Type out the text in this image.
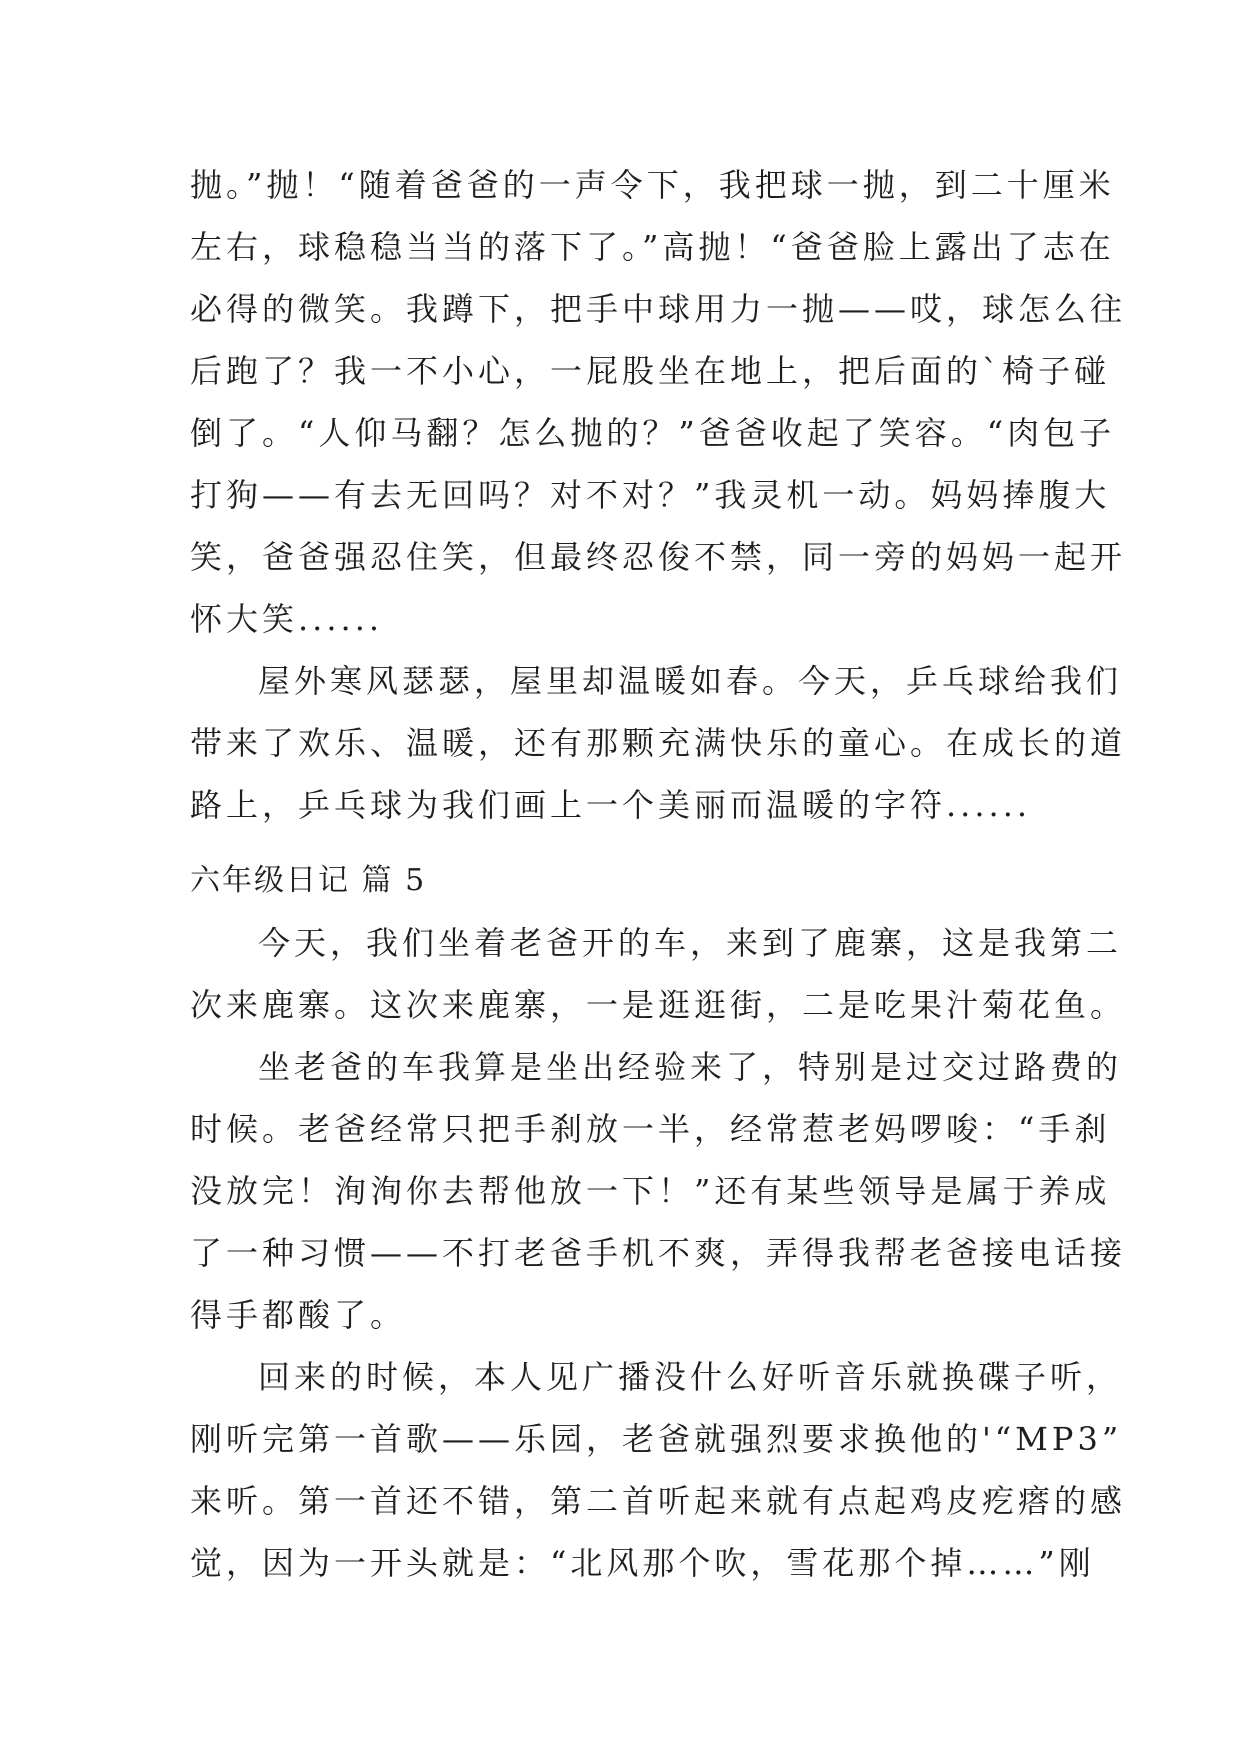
抛。”抛！“随着爸爸的一声令下，我把球一抛，到二十厘米
左右，球稳稳当当的落下了。”高抛！“爸爸脸上露出了志在
必得的微笑。我蹲下，把手中球用力一抛——哎，球怎么往
后跑了？我一不小心，一屁股坐在地上，把后面的`椅子碰
倒了。“人仰马翻？怎么抛的？”爸爸收起了笑容。“肉包子
打狗——有去无回吗？对不对？”我灵机一动。妈妈捧腹大
笑，爸爸强忍住笑，但最终忍俊不禁，同一旁的妈妈一起开
怀大笑......
屋外寒风瑟瑟，屋里却温暖如春。今天，乒乓球给我们
带来了欢乐、温暖，还有那颗充满快乐的童心。在成长的道
路上，乒乓球为我们画上一个美丽而温暖的字符......
六年级日记 篇 5
今天，我们坐着老爸开的车，来到了鹿寨，这是我第二
次来鹿寨。这次来鹿寨，一是逛逛街，二是吃果汁菊花鱼。
坐老爸的车我算是坐出经验来了，特别是过交过路费的
时候。老爸经常只把手刹放一半，经常惹老妈啰唆：“手刹
没放完！洵洵你去帮他放一下！”还有某些领导是属于养成
了一种习惯——不打老爸手机不爽，弄得我帮老爸接电话接
得手都酸了。
回来的时候，本人见广播没什么好听音乐就换碟子听，
刚听完第一首歌——乐园，老爸就强烈要求换他的'“MP3”
来听。第一首还不错，第二首听起来就有点起鸡皮疙瘩的感
觉，因为一开头就是：“北风那个吹，雪花那个掉……”刚
